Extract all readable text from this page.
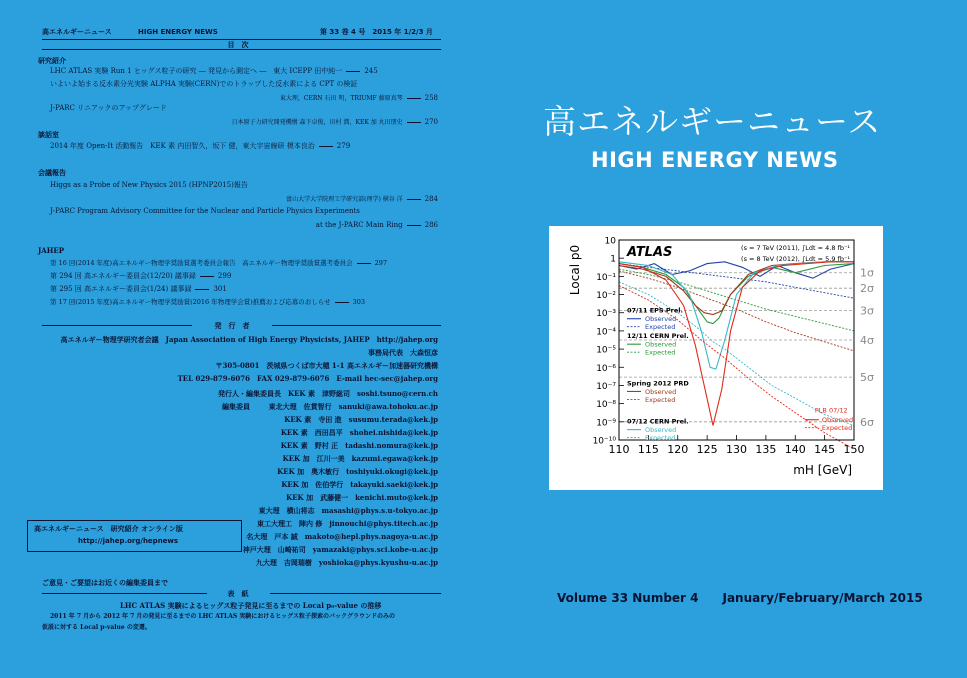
高エネルギーニュース	HIGH ENERGY NEWS	第 33 巻 4 号　2015 年 1/2/3 月
目　次
研究紹介
LHC ATLAS 実験 Run 1 ヒッグス粒子の研究 ― 発見から測定へ ―　東大 ICEPP 田中純一	245
いよいよ始まる反水素分光実験 ALPHA 実験(CERN)でのトラップした反水素による CPT の検証
東大理，CERN 石田 明，TRIUMF 藤原真琴	258
J-PARC リニアックのアップグレード
日本原子力研究開発機構 森下卓俊，田村 潤，KEK 加 丸田朋史	270
談話室
2014 年度 Open-It 活動報告　KEK 素 内田智久，坂下 健，東大宇宙線研 榎本良治	279
会議報告
Higgs as a Probe of New Physics 2015 (HPNP2015)報告
富山大学大学院理工学研究部(理学) 横谷 洋	284
J-PARC Program Advisory Committee for the Nuclear and Particle Physics Experiments
at the J-PARC Main Ring	286
JAHEP
第 16 回(2014 年度)高エネルギー物理学奨励賞選考委員会報告　高エネルギー物理学奨励賞選考委員会	297
第 294 回 高エネルギー委員会(12/20) 議事録	299
第 295 回 高エネルギー委員会(1/24) 議事録	301
第 17 回(2015 年度)高エネルギー物理学奨励賞(2016 年物理学会賞)推薦および応募のおしらせ	303
発　行　者
高エネルギー物理学研究者会議　Japan Association of High Energy Physicists, JAHEP　http://jahep.org
事務局代表　大森恒彦
〒305-0801　茨城県つくば市大穂 1-1 高エネルギー加速器研究機構
TEL 029-879-6076　FAX 029-879-6076　E-mail hec-sec@jahep.org
発行人・編集委員長　KEK 素　津野総司　soshi.tsuno@cern.ch
編集委員	東北大理　佐貫智行　sanuki@awa.tohoku.ac.jp
KEK 素　寺田 進　susumu.terada@kek.jp
KEK 素　西田昌平　shohei.nishida@kek.jp
KEK 素　野村 正　tadashi.nomura@kek.jp
KEK 加　江川一美　kazumi.egawa@kek.jp
KEK 加　奥木敏行　toshiyuki.okugi@kek.jp
KEK 加　佐伯学行　takayuki.saeki@kek.jp
KEK 加　武藤健一　kenichi.muto@kek.jp
東大理　横山将志　masashi@phys.s.u-tokyo.ac.jp
東工大理工　陣内 修　jinnouchi@phys.titech.ac.jp
名大理　戸本 誠　makoto@hepl.phys.nagoya-u.ac.jp
神戸大理　山崎祐司　yamazaki@phys.sci.kobe-u.ac.jp
九大理　吉岡瑞樹　yoshioka@phys.kyushu-u.ac.jp
高エネルギーニュース　研究紹介 オンライン版
http://jahep.org/hepnews
ご意見・ご要望はお近くの編集委員まで
表　紙
LHC ATLAS 実験によるヒッグス粒子発見に至るまでの Local p₀-value の推移
2011 年 7 月から 2012 年 7 月の発見に至るまでの LHC ATLAS 実験におけるヒッグス粒子探索のバックグラウンドのみの
仮説に対する Local p-value の変遷。
高エネルギーニュース
HIGH ENERGY NEWS
1σ
2σ
3σ
4σ
5σ
6σ
10⁻¹⁰
10⁻⁹
10⁻⁸
10⁻⁷
10⁻⁶
10⁻⁵
10⁻⁴
10⁻³
10⁻²
10⁻¹
1
10
110 115 120 125 130 135 140 145 150
mH [GeV]
Local p0	ATLAS	(s = 7 TeV (2011), ∫Ldt = 4.8 fb⁻¹
(s = 8 TeV (2012), ∫Ldt = 5.9 fb⁻¹
07/11 EPS Prel.
Observed
Expected
12/11 CERN Prel.
Observed
Expected
Spring 2012 PRD
Observed
Expected
07/12 CERN Prel.
Observed
Expected
PLB 07/12
Observed
Expected
Volume 33 Number 4　　January/February/March 2015
